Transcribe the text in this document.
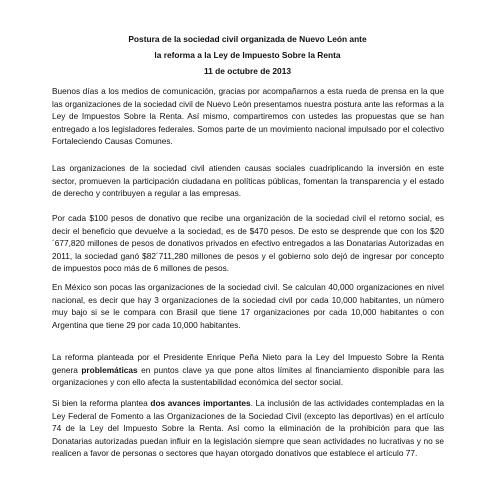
Postura de la sociedad civil organizada de Nuevo León ante
la reforma a la Ley de Impuesto Sobre la Renta
11 de octubre de 2013

Buenos días a los medios de comunicación, gracias por acompañarnos a esta rueda de prensa en la que las organizaciones de la sociedad civil de Nuevo León presentamos nuestra postura ante las reformas a la Ley de Impuestos Sobre la Renta. Así mismo, compartiremos con ustedes las propuestas que se han entregado a los legisladores federales. Somos parte de un movimiento nacional impulsado por el colectivo Fortaleciendo Causas Comunes.

Las organizaciones de la sociedad civil atienden causas sociales cuadriplicando la inversión en este sector, promueven la participación ciudadana en políticas públicas, fomentan la transparencia y el estado de derecho y contribuyen a regular a las empresas.

Por cada $100 pesos de donativo que recibe una organización de la sociedad civil el retorno social, es decir el beneficio que devuelve a la sociedad, es de $470 pesos. De esto se desprende que con los $20´677,820 millones de pesos de donativos privados en efectivo entregados a las Donatarias Autorizadas en 2011, la sociedad ganó $82´711,280 millones de pesos y el gobierno solo dejó de ingresar por concepto de impuestos poco más de 6 millones de pesos.

En México son pocas las organizaciones de la sociedad civil. Se calculan 40,000 organizaciones en nivel nacional, es decir que hay 3 organizaciones de la sociedad civil por cada 10,000 habitantes, un número muy bajo si se le compara con Brasil que tiene 17 organizaciones por cada 10,000 habitantes o con Argentina que tiene 29 por cada 10,000 habitantes.

La reforma planteada por el Presidente Enrique Peña Nieto para la Ley del Impuesto Sobre la Renta genera problemáticas en puntos clave ya que pone altos límites al financiamiento disponible para las organizaciones y con ello afecta la sustentabilidad económica del sector social.

Si bien la reforma plantea dos avances importantes. La inclusión de las actividades contempladas en la Ley Federal de Fomento a las Organizaciones de la Sociedad Civil (excepto las deportivas) en el artículo 74 de la Ley del Impuesto Sobre la Renta. Así como la eliminación de la prohibición para que las Donatarias autorizadas puedan influir en la legislación siempre que sean actividades no lucrativas y no se realicen a favor de personas o sectores que hayan otorgado donativos que establece el artículo 77.
